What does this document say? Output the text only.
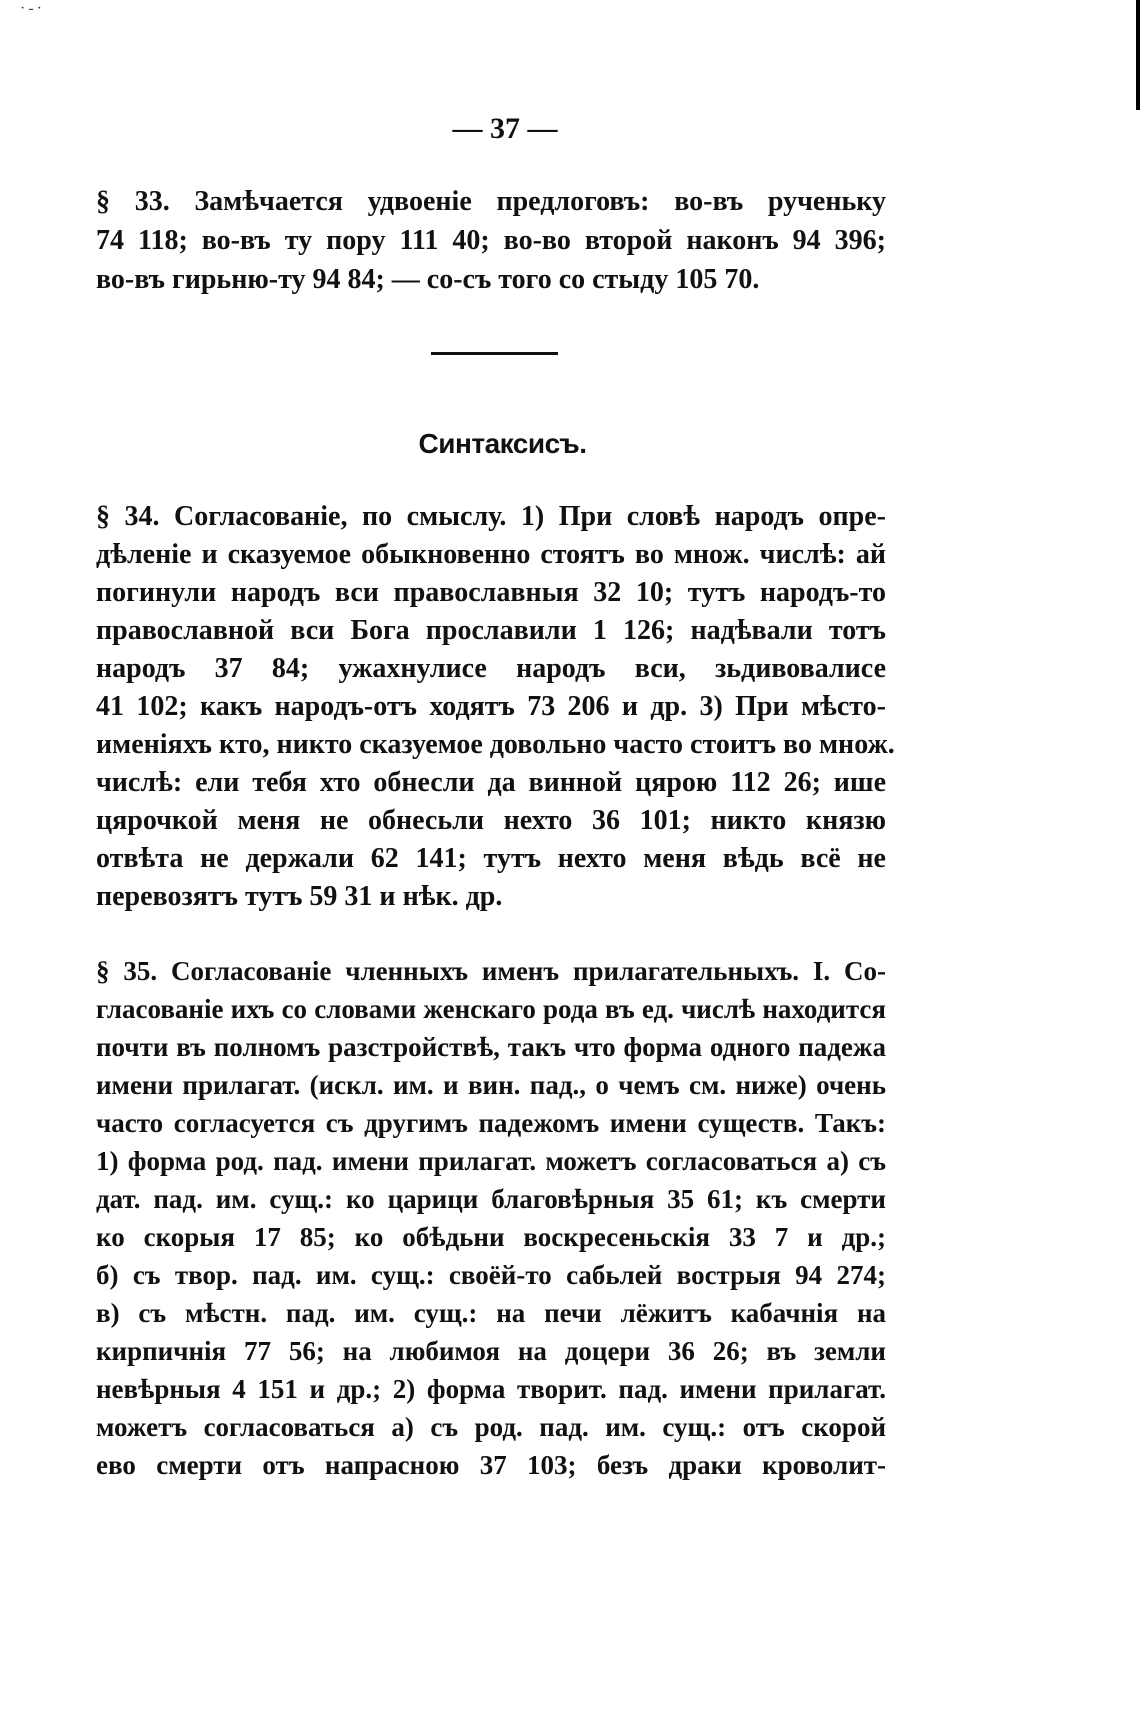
·-·
— 37 —
§ 33. Замѣчается удвоеніе предлоговъ: во-въ рученьку
74 118; во-въ ту пору 111 40; во-во второй наконъ 94 396;
во-въ гирьню-ту 94 84; — со-съ того со стыду 105 70.
Синтаксисъ.
§ 34. Согласованіе, по смыслу. 1) При словѣ народъ опре-
дѣленіе и сказуемое обыкновенно стоятъ во множ. числѣ: ай
погинули народъ вси православныя 32 10; тутъ народъ-то
православной вси Бога прославили 1 126; надѣвали тотъ
народъ 37 84; ужахнулисе народъ вси, зьдивовалисе
41 102; какъ народъ-отъ ходятъ 73 206 и др. 3) При мѣсто-
именіяхъ кто, никто сказуемое довольно часто стоитъ во множ.
числѣ: ели тебя хто обнесли да винной цярою 112 26; ише
цярочкой меня не обнесьли нехто 36 101; никто князю
отвѣта не держали 62 141; тутъ нехто меня вѣдь всё не
перевозятъ тутъ 59 31 и нѣк. др.
§ 35. Согласованіе членныхъ именъ прилагательныхъ. I. Со-
гласованіе ихъ со словами женскаго рода въ ед. числѣ находится
почти въ полномъ разстройствѣ, такъ что форма одного падежа
имени прилагат. (искл. им. и вин. пад., о чемъ см. ниже) очень
часто согласуется съ другимъ падежомъ имени существ. Такъ:
1) форма род. пад. имени прилагат. можетъ согласоваться а) съ
дат. пад. им. сущ.: ко царици благовѣрныя 35 61; къ смерти
ко скорыя 17 85; ко обѣдьни воскресеньскія 33 7 и др.;
б) съ твор. пад. им. сущ.: своёй-то сабьлей вострыя 94 274;
в) съ мѣстн. пад. им. сущ.: на печи лёжитъ кабачнія на
кирпичнія 77 56; на любимоя на доцери 36 26; въ земли
невѣрныя 4 151 и др.; 2) форма творит. пад. имени прилагат.
можетъ согласоваться а) съ род. пад. им. сущ.: отъ скорой
ево смерти отъ напрасною 37 103; безъ драки кроволит-
